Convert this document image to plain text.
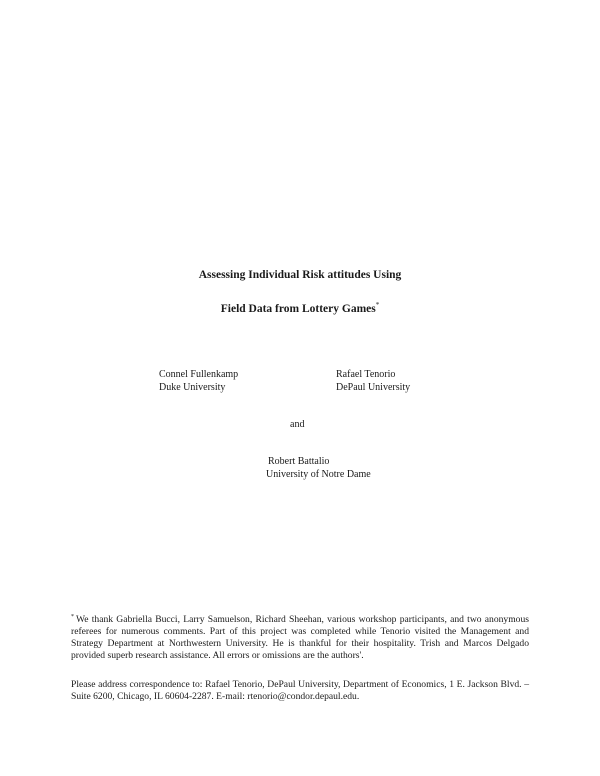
Assessing Individual Risk attitudes Using
Field Data from Lottery Games*
Connel Fullenkamp
Duke University
Rafael Tenorio
DePaul University
and
Robert Battalio
University of Notre Dame

* We thank Gabriella Bucci, Larry Samuelson, Richard Sheehan, various workshop participants, and two anonymous referees for numerous comments. Part of this project was completed while Tenorio visited the Management and Strategy Department at Northwestern University. He is thankful for their hospitality. Trish and Marcos Delgado provided superb research assistance. All errors or omissions are the authors'.

Please address correspondence to: Rafael Tenorio, DePaul University, Department of Economics, 1 E. Jackson Blvd. – Suite 6200, Chicago, IL 60604-2287. E-mail: rtenorio@condor.depaul.edu.
